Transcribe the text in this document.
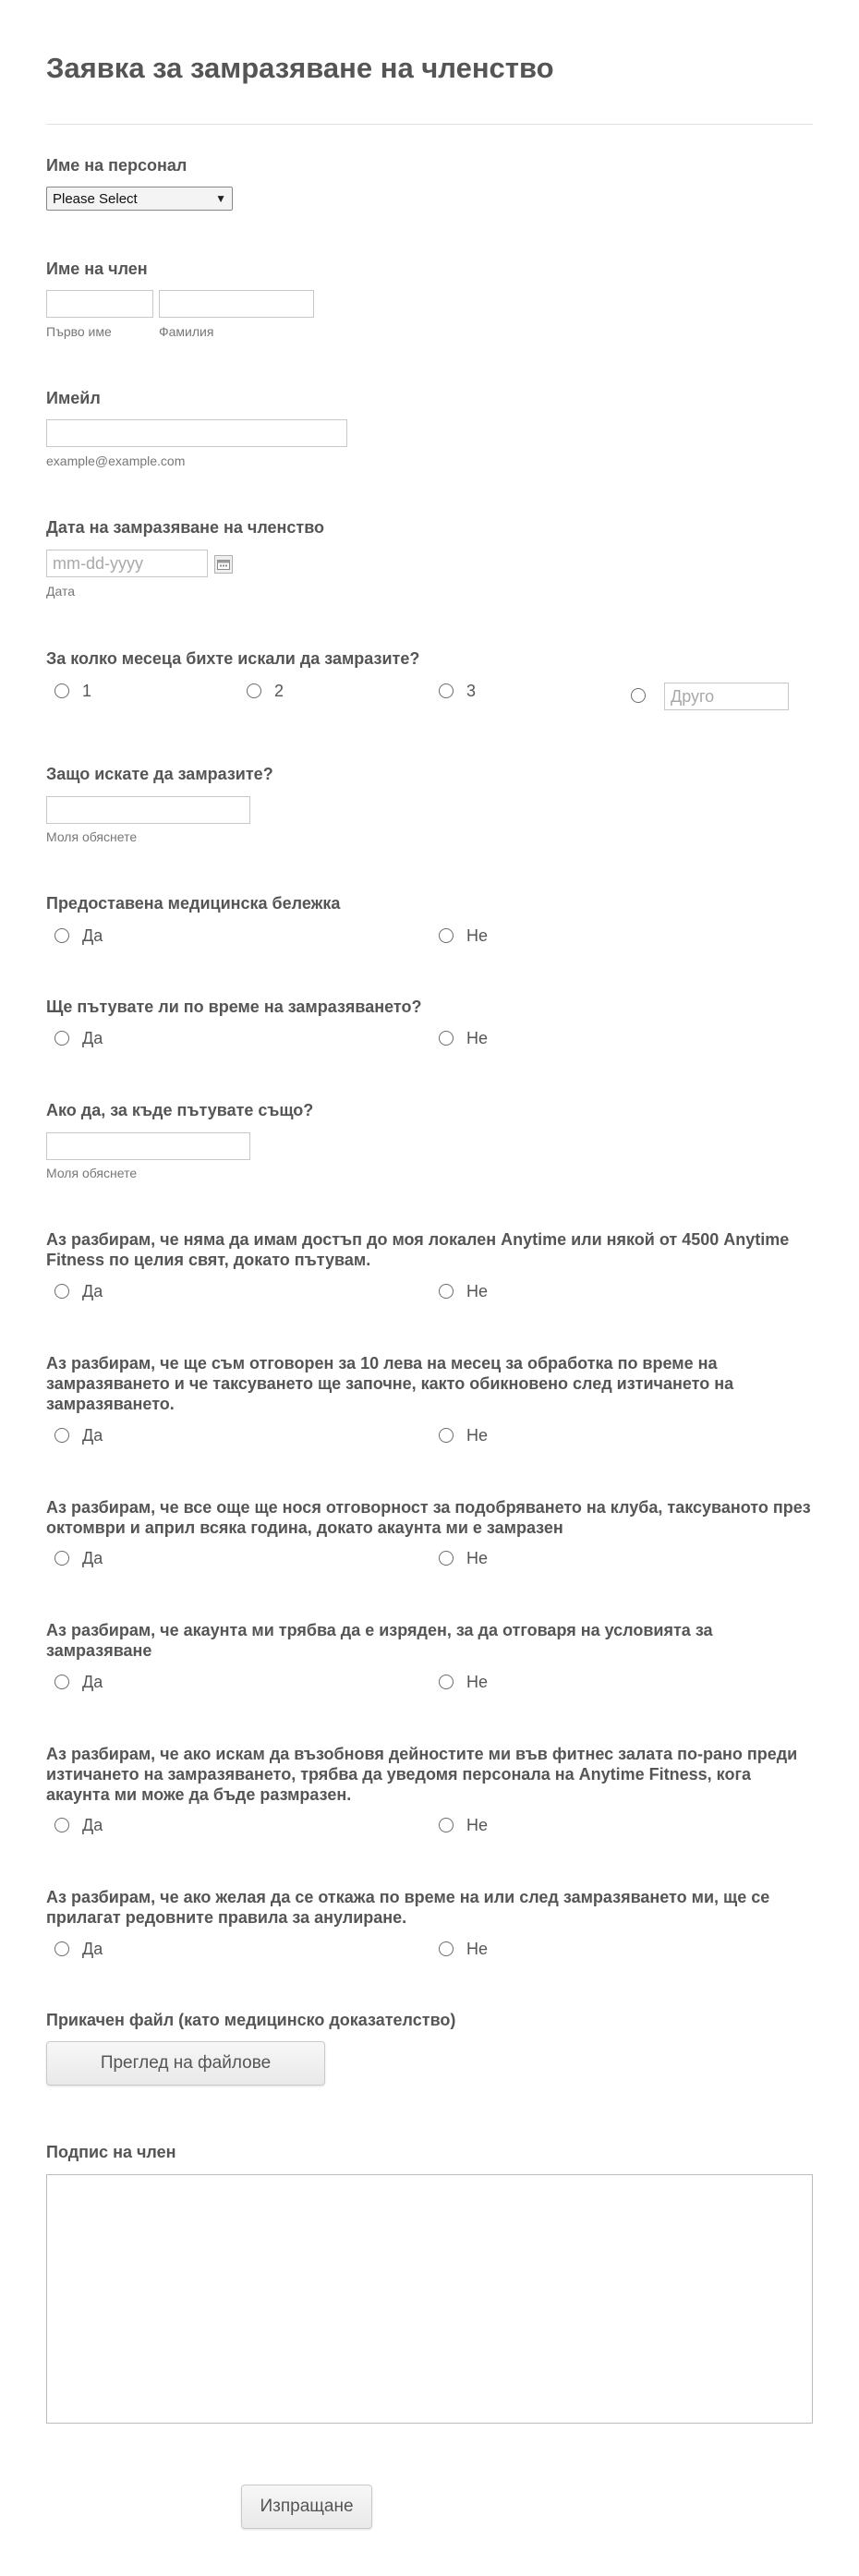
Заявка за замразяване на членство
Име на персонал
Please Select	▼
Име на член
Първо име	Фамилия
Имейл
example@example.com
Дата на замразяване на членство
mm-dd-yyyy
Дата
За колко месеца бихте искали да замразите?
1	2	3
Друго
Защо искате да замразите?
Моля обяснете
Предоставена медицинска бележка
Да	Не
Ще пътувате ли по време на замразяването?
Да	Не
Ако да, за къде пътувате също?
Моля обяснете
Аз разбирам, че няма да имам достъп до моя локален Anytime или някой от 4500 Anytime Fitness по целия свят, докато пътувам.
Да	Не
Аз разбирам, че ще съм отговорен за 10 лева на месец за обработка по време на замразяването и че таксуването ще започне, както обикновено след изтичането на замразяването.
Да	Не
Аз разбирам, че все още ще нося отговорност за подобряването на клуба, таксуваното през октомври и април всяка година, докато акаунта ми е замразен
Да	Не
Аз разбирам, че акаунта ми трябва да е изряден, за да отговаря на условията за замразяване
Да	Не
Аз разбирам, че ако искам да възобновя дейностите ми във фитнес залата по-рано преди изтичането на замразяването, трябва да уведомя персонала на Anytime Fitness, кога акаунта ми може да бъде размразен.
Да	Не
Аз разбирам, че ако желая да се откажа по време на или след замразяването ми, ще се прилагат редовните правила за анулиране.
Да	Не
Прикачен файл (като медицинско доказателство)
Преглед на файлове
Подпис на член
Изпращане
